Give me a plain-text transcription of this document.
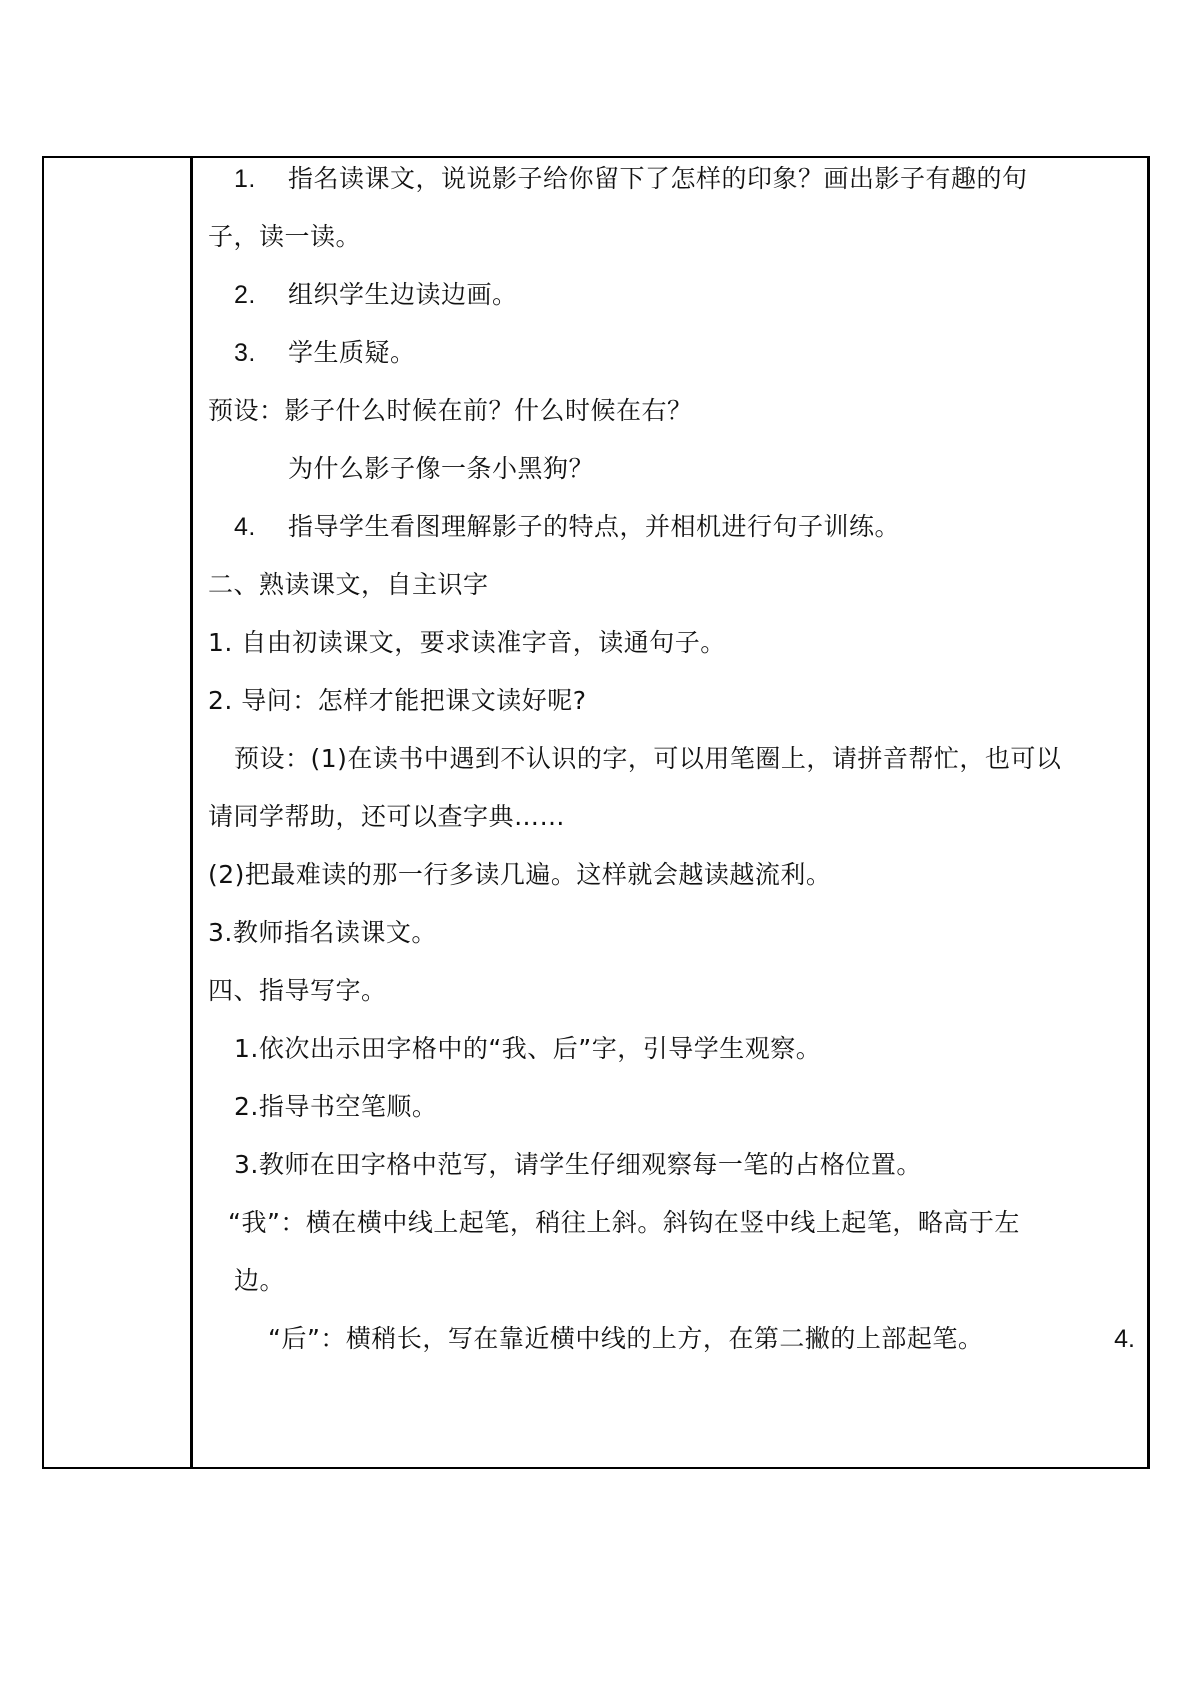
1. 指名读课文，说说影子给你留下了怎样的印象？画出影子有趣的句
子，读一读。
2. 组织学生边读边画。
3. 学生质疑。
预设：影子什么时候在前？什么时候在右？
为什么影子像一条小黑狗？
4. 指导学生看图理解影子的特点，并相机进行句子训练。
二、熟读课文，自主识字
1. 自由初读课文，要求读准字音，读通句子。
2. 导问：怎样才能把课文读好呢?
预设：(1)在读书中遇到不认识的字，可以用笔圈上，请拼音帮忙，也可以
请同学帮助，还可以查字典……
(2)把最难读的那一行多读几遍。这样就会越读越流利。
3.教师指名读课文。
四、指导写字。
1.依次出示田字格中的“我、后”字，引导学生观察。
2.指导书空笔顺。
3.教师在田字格中范写，请学生仔细观察每一笔的占格位置。
“我”：横在横中线上起笔，稍往上斜。斜钩在竖中线上起笔，略高于左
边。
“后”：横稍长，写在靠近横中线的上方，在第二撇的上部起笔。	4.
